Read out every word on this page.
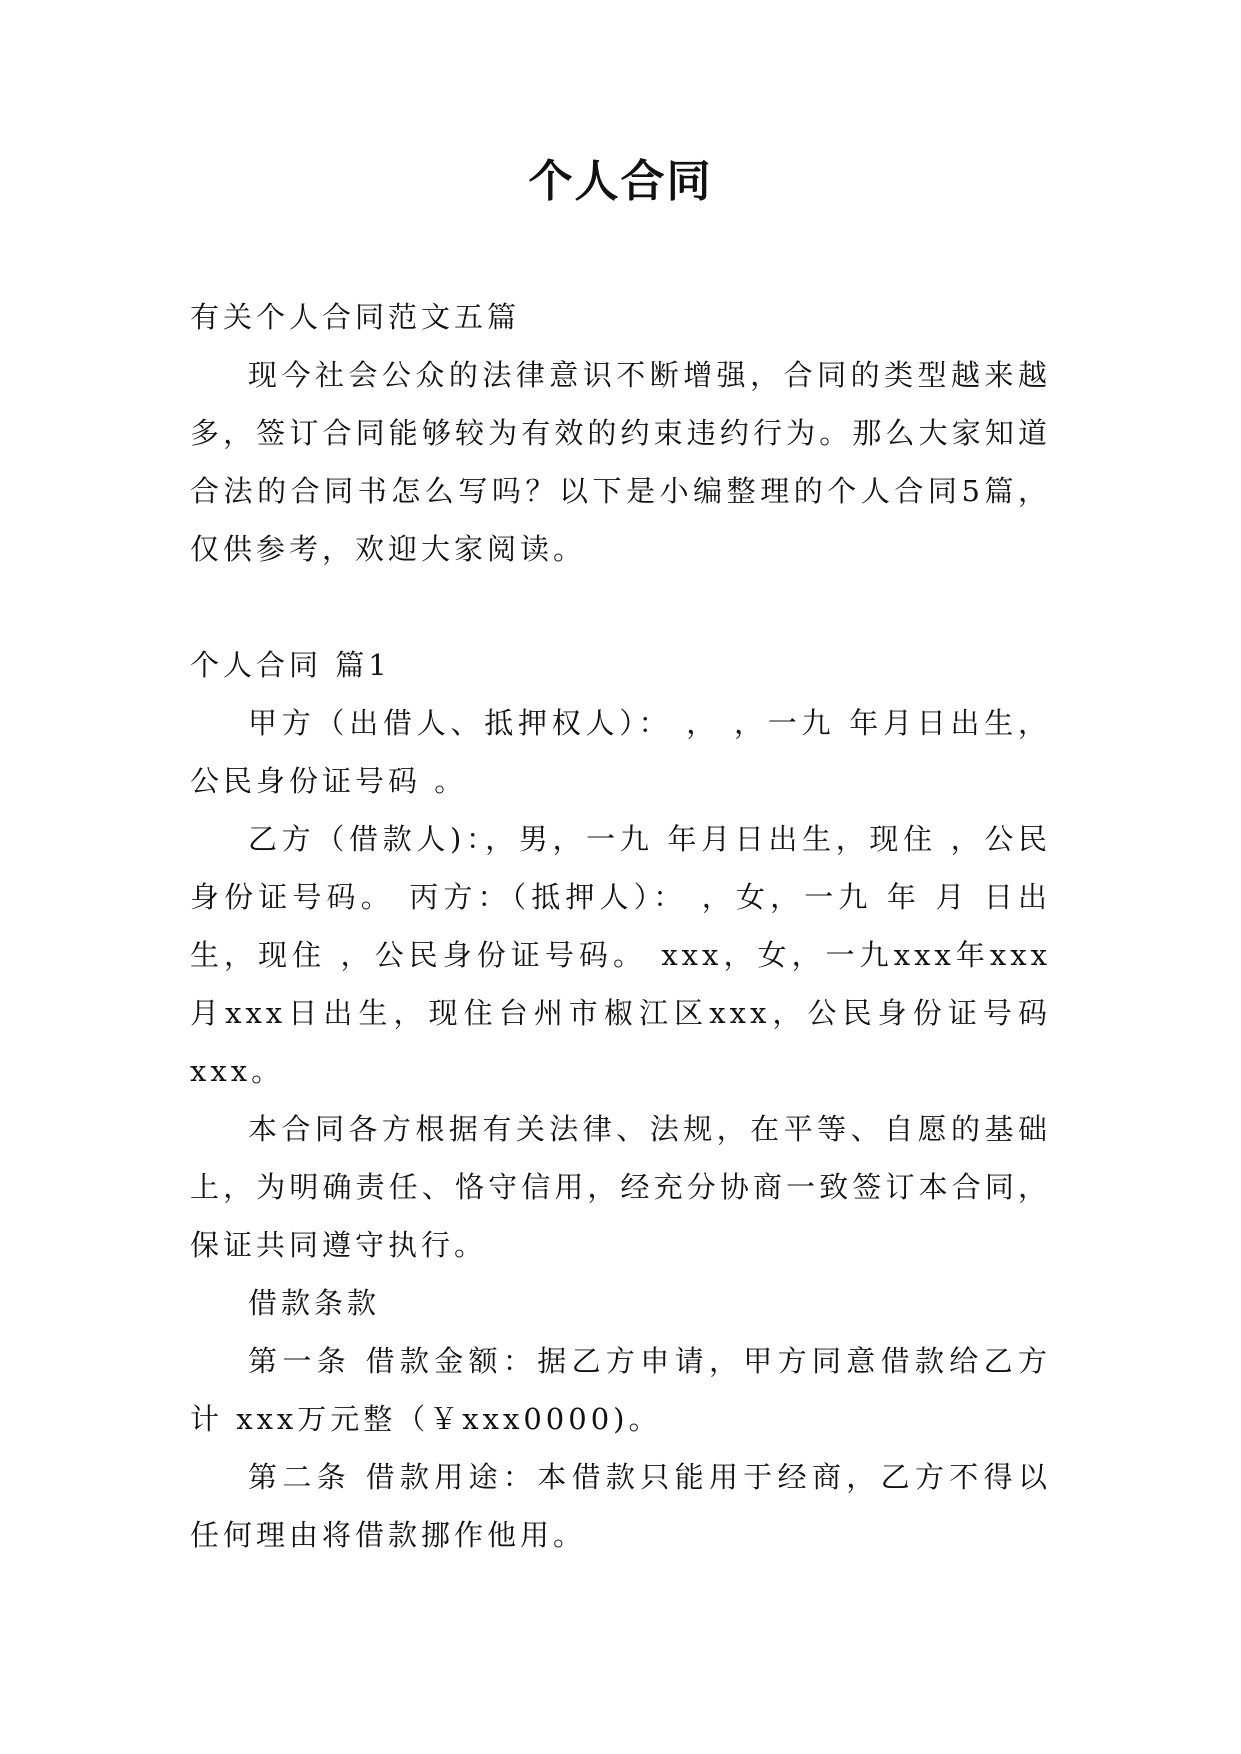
个人合同

有关个人合同范文五篇

现今社会公众的法律意识不断增强，合同的类型越来越多，签订合同能够较为有效的约束违约行为。那么大家知道合法的合同书怎么写吗？以下是小编整理的个人合同5篇，仅供参考，欢迎大家阅读。

个人合同 篇1

甲方（出借人、抵押权人）： ， ，一九 年月日出生，公民身份证号码 。

乙方（借款人)：，男，一九 年月日出生，现住 ，公民身份证号码。 丙方：（抵押人）： ，女，一九 年 月 日出生，现住 ，公民身份证号码。 xxx，女，一九xxx年xxx月xxx日出生，现住台州市椒江区xxx，公民身份证号码xxx。

本合同各方根据有关法律、法规，在平等、自愿的基础上，为明确责任、恪守信用，经充分协商一致签订本合同，保证共同遵守执行。

借款条款

第一条 借款金额：据乙方申请，甲方同意借款给乙方计 xxx万元整（￥xxx0000)。

第二条 借款用途：本借款只能用于经商，乙方不得以任何理由将借款挪作他用。
